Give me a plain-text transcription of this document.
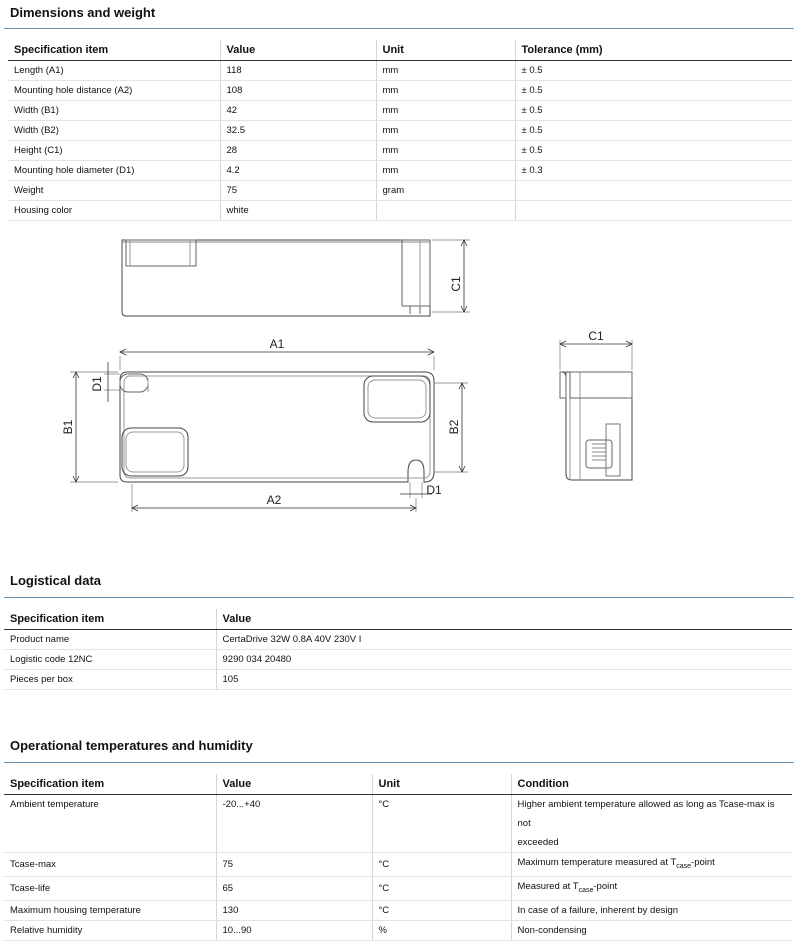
Dimensions and weight
Specification item	Value	Unit	Tolerance (mm)
Length (A1)	118	mm	± 0.5
Mounting hole distance (A2)	108	mm	± 0.5
Width (B1)	42	mm	± 0.5
Width (B2)	32.5	mm	± 0.5
Height (C1)	28	mm	± 0.5
Mounting hole diameter (D1)	4.2	mm	± 0.3
Weight	75	gram	
Housing color	white		
C1
A1
B1	B2
D1
D1
A2
C1
Logistical data
Specification item	Value
Product name	CertaDrive 32W 0.8A 40V 230V I
Logistic code 12NC	9290 034 20480
Pieces per box	105
Operational temperatures and humidity
Specification item	Value	Unit	Condition
Ambient temperature	-20...+40	°C	Higher ambient temperature allowed as long as Tcase-max is not
exceeded

Tcase-max	75	°C	Maximum temperature measured at $T_{case}$-point
Tcase-life	65	°C	Measured at $T_{case}$-point
Maximum housing temperature	130	°C	In case of a failure, inherent by design
Relative humidity	10...90	%	Non-condensing
